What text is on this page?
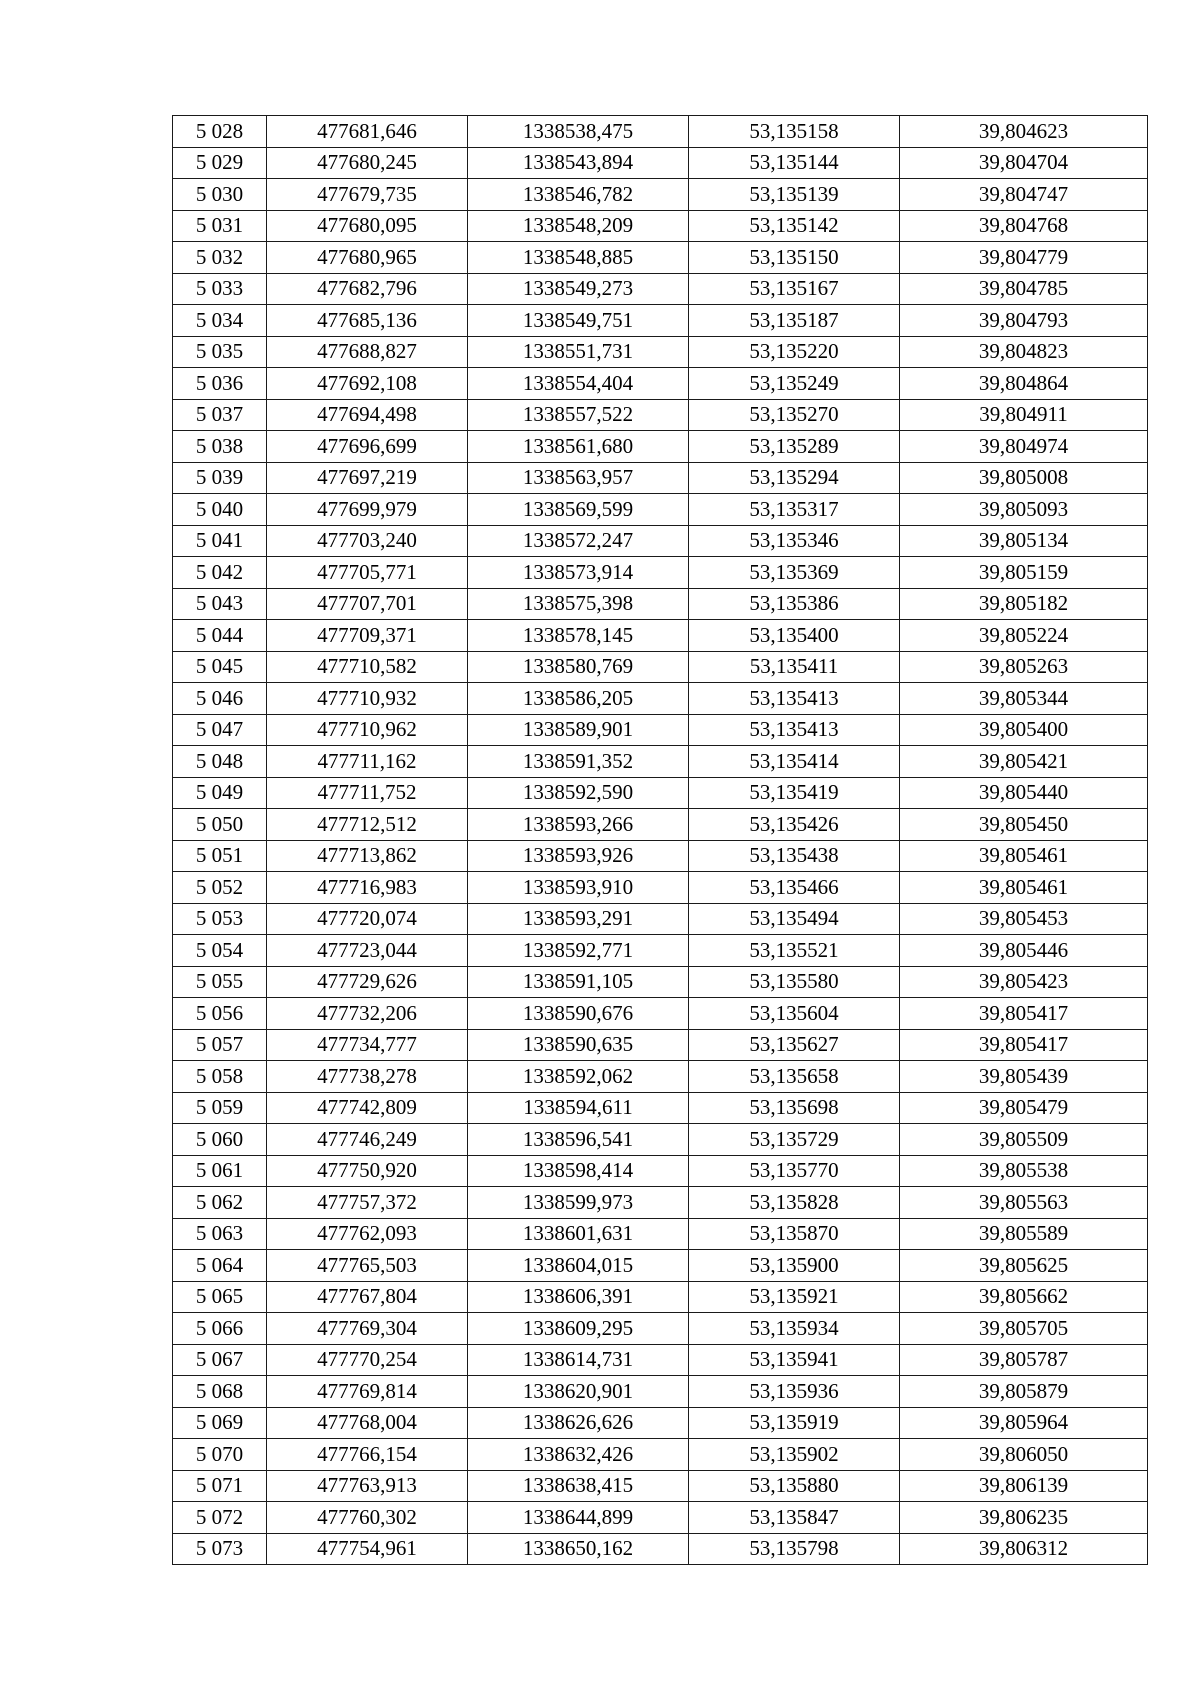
5 028	477681,646	1338538,475	53,135158	39,804623
5 029	477680,245	1338543,894	53,135144	39,804704
5 030	477679,735	1338546,782	53,135139	39,804747
5 031	477680,095	1338548,209	53,135142	39,804768
5 032	477680,965	1338548,885	53,135150	39,804779
5 033	477682,796	1338549,273	53,135167	39,804785
5 034	477685,136	1338549,751	53,135187	39,804793
5 035	477688,827	1338551,731	53,135220	39,804823
5 036	477692,108	1338554,404	53,135249	39,804864
5 037	477694,498	1338557,522	53,135270	39,804911
5 038	477696,699	1338561,680	53,135289	39,804974
5 039	477697,219	1338563,957	53,135294	39,805008
5 040	477699,979	1338569,599	53,135317	39,805093
5 041	477703,240	1338572,247	53,135346	39,805134
5 042	477705,771	1338573,914	53,135369	39,805159
5 043	477707,701	1338575,398	53,135386	39,805182
5 044	477709,371	1338578,145	53,135400	39,805224
5 045	477710,582	1338580,769	53,135411	39,805263
5 046	477710,932	1338586,205	53,135413	39,805344
5 047	477710,962	1338589,901	53,135413	39,805400
5 048	477711,162	1338591,352	53,135414	39,805421
5 049	477711,752	1338592,590	53,135419	39,805440
5 050	477712,512	1338593,266	53,135426	39,805450
5 051	477713,862	1338593,926	53,135438	39,805461
5 052	477716,983	1338593,910	53,135466	39,805461
5 053	477720,074	1338593,291	53,135494	39,805453
5 054	477723,044	1338592,771	53,135521	39,805446
5 055	477729,626	1338591,105	53,135580	39,805423
5 056	477732,206	1338590,676	53,135604	39,805417
5 057	477734,777	1338590,635	53,135627	39,805417
5 058	477738,278	1338592,062	53,135658	39,805439
5 059	477742,809	1338594,611	53,135698	39,805479
5 060	477746,249	1338596,541	53,135729	39,805509
5 061	477750,920	1338598,414	53,135770	39,805538
5 062	477757,372	1338599,973	53,135828	39,805563
5 063	477762,093	1338601,631	53,135870	39,805589
5 064	477765,503	1338604,015	53,135900	39,805625
5 065	477767,804	1338606,391	53,135921	39,805662
5 066	477769,304	1338609,295	53,135934	39,805705
5 067	477770,254	1338614,731	53,135941	39,805787
5 068	477769,814	1338620,901	53,135936	39,805879
5 069	477768,004	1338626,626	53,135919	39,805964
5 070	477766,154	1338632,426	53,135902	39,806050
5 071	477763,913	1338638,415	53,135880	39,806139
5 072	477760,302	1338644,899	53,135847	39,806235
5 073	477754,961	1338650,162	53,135798	39,806312
